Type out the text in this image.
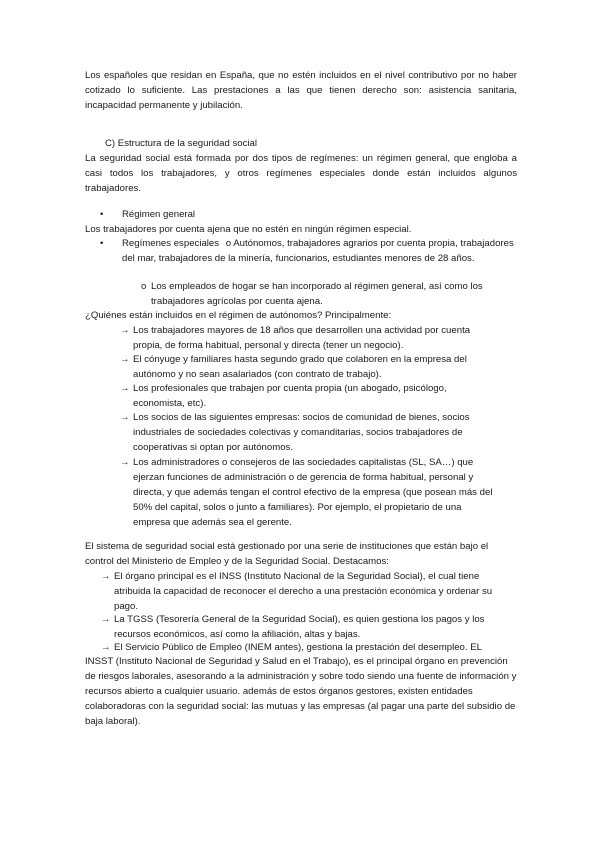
Los españoles que residan en España, que no estén incluidos en el nivel contributivo por no haber cotizado lo suficiente. Las prestaciones a las que tienen derecho son: asistencia sanitaria, incapacidad permanente y jubilación.

C) Estructura de la seguridad social

La seguridad social está formada por dos tipos de regímenes: un régimen general, que engloba a casi todos los trabajadores, y otros regímenes especiales donde están incluidos algunos trabajadores.

•	Régimen general

Los trabajadores por cuenta ajena que no estén en ningún régimen especial.

•	Regímenes especiales o Autónomos, trabajadores agrarios por cuenta propia, trabajadores del mar, trabajadores de la minería, funcionarios, estudiantes menores de 28 años.
o Los empleados de hogar se han incorporado al régimen general, así como los trabajadores agrícolas por cuenta ajena.

¿Quiénes están incluidos en el régimen de autónomos? Principalmente:

→ Los trabajadores mayores de 18 años que desarrollen una actividad por cuenta propia, de forma habitual, personal y directa (tener un negocio).
→ El cónyuge y familiares hasta segundo grado que colaboren en la empresa del autónomo y no sean asalariados (con contrato de trabajo).
→ Los profesionales que trabajen por cuenta propia (un abogado, psicólogo, economista, etc).
→ Los socios de las siguientes empresas: socios de comunidad de bienes, socios industriales de sociedades colectivas y comanditarias, socios trabajadores de cooperativas si optan por autónomos.
→ Los administradores o consejeros de las sociedades capitalistas (SL, SA…) que ejerzan funciones de administración o de gerencia de forma habitual, personal y directa, y que además tengan el control efectivo de la empresa (que posean más del 50% del capital, solos o junto a familiares). Por ejemplo, el propietario de una empresa que además sea el gerente.

El sistema de seguridad social está gestionado por una serie de instituciones que están bajo el control del Ministerio de Empleo y de la Seguridad Social. Destacamos:

→ El órgano principal es el INSS (Instituto Nacional de la Seguridad Social), el cual tiene atribuida la capacidad de reconocer el derecho a una prestación económica y ordenar su pago.
→ La TGSS (Tesorería General de la Seguridad Social), es quien gestiona los pagos y los recursos económicos, así como la afiliación, altas y bajas.
→ El Servicio Público de Empleo (INEM antes), gestiona la prestación del desempleo. EL

INSST (Instituto Nacional de Seguridad y Salud en el Trabajo), es el principal órgano en prevención de riesgos laborales, asesorando a la administración y sobre todo siendo una fuente de información y recursos abierto a cualquier usuario. además de estos órganos gestores, existen entidades colaboradoras con la seguridad social: las mutuas y las empresas (al pagar una parte del subsidio de baja laboral).
